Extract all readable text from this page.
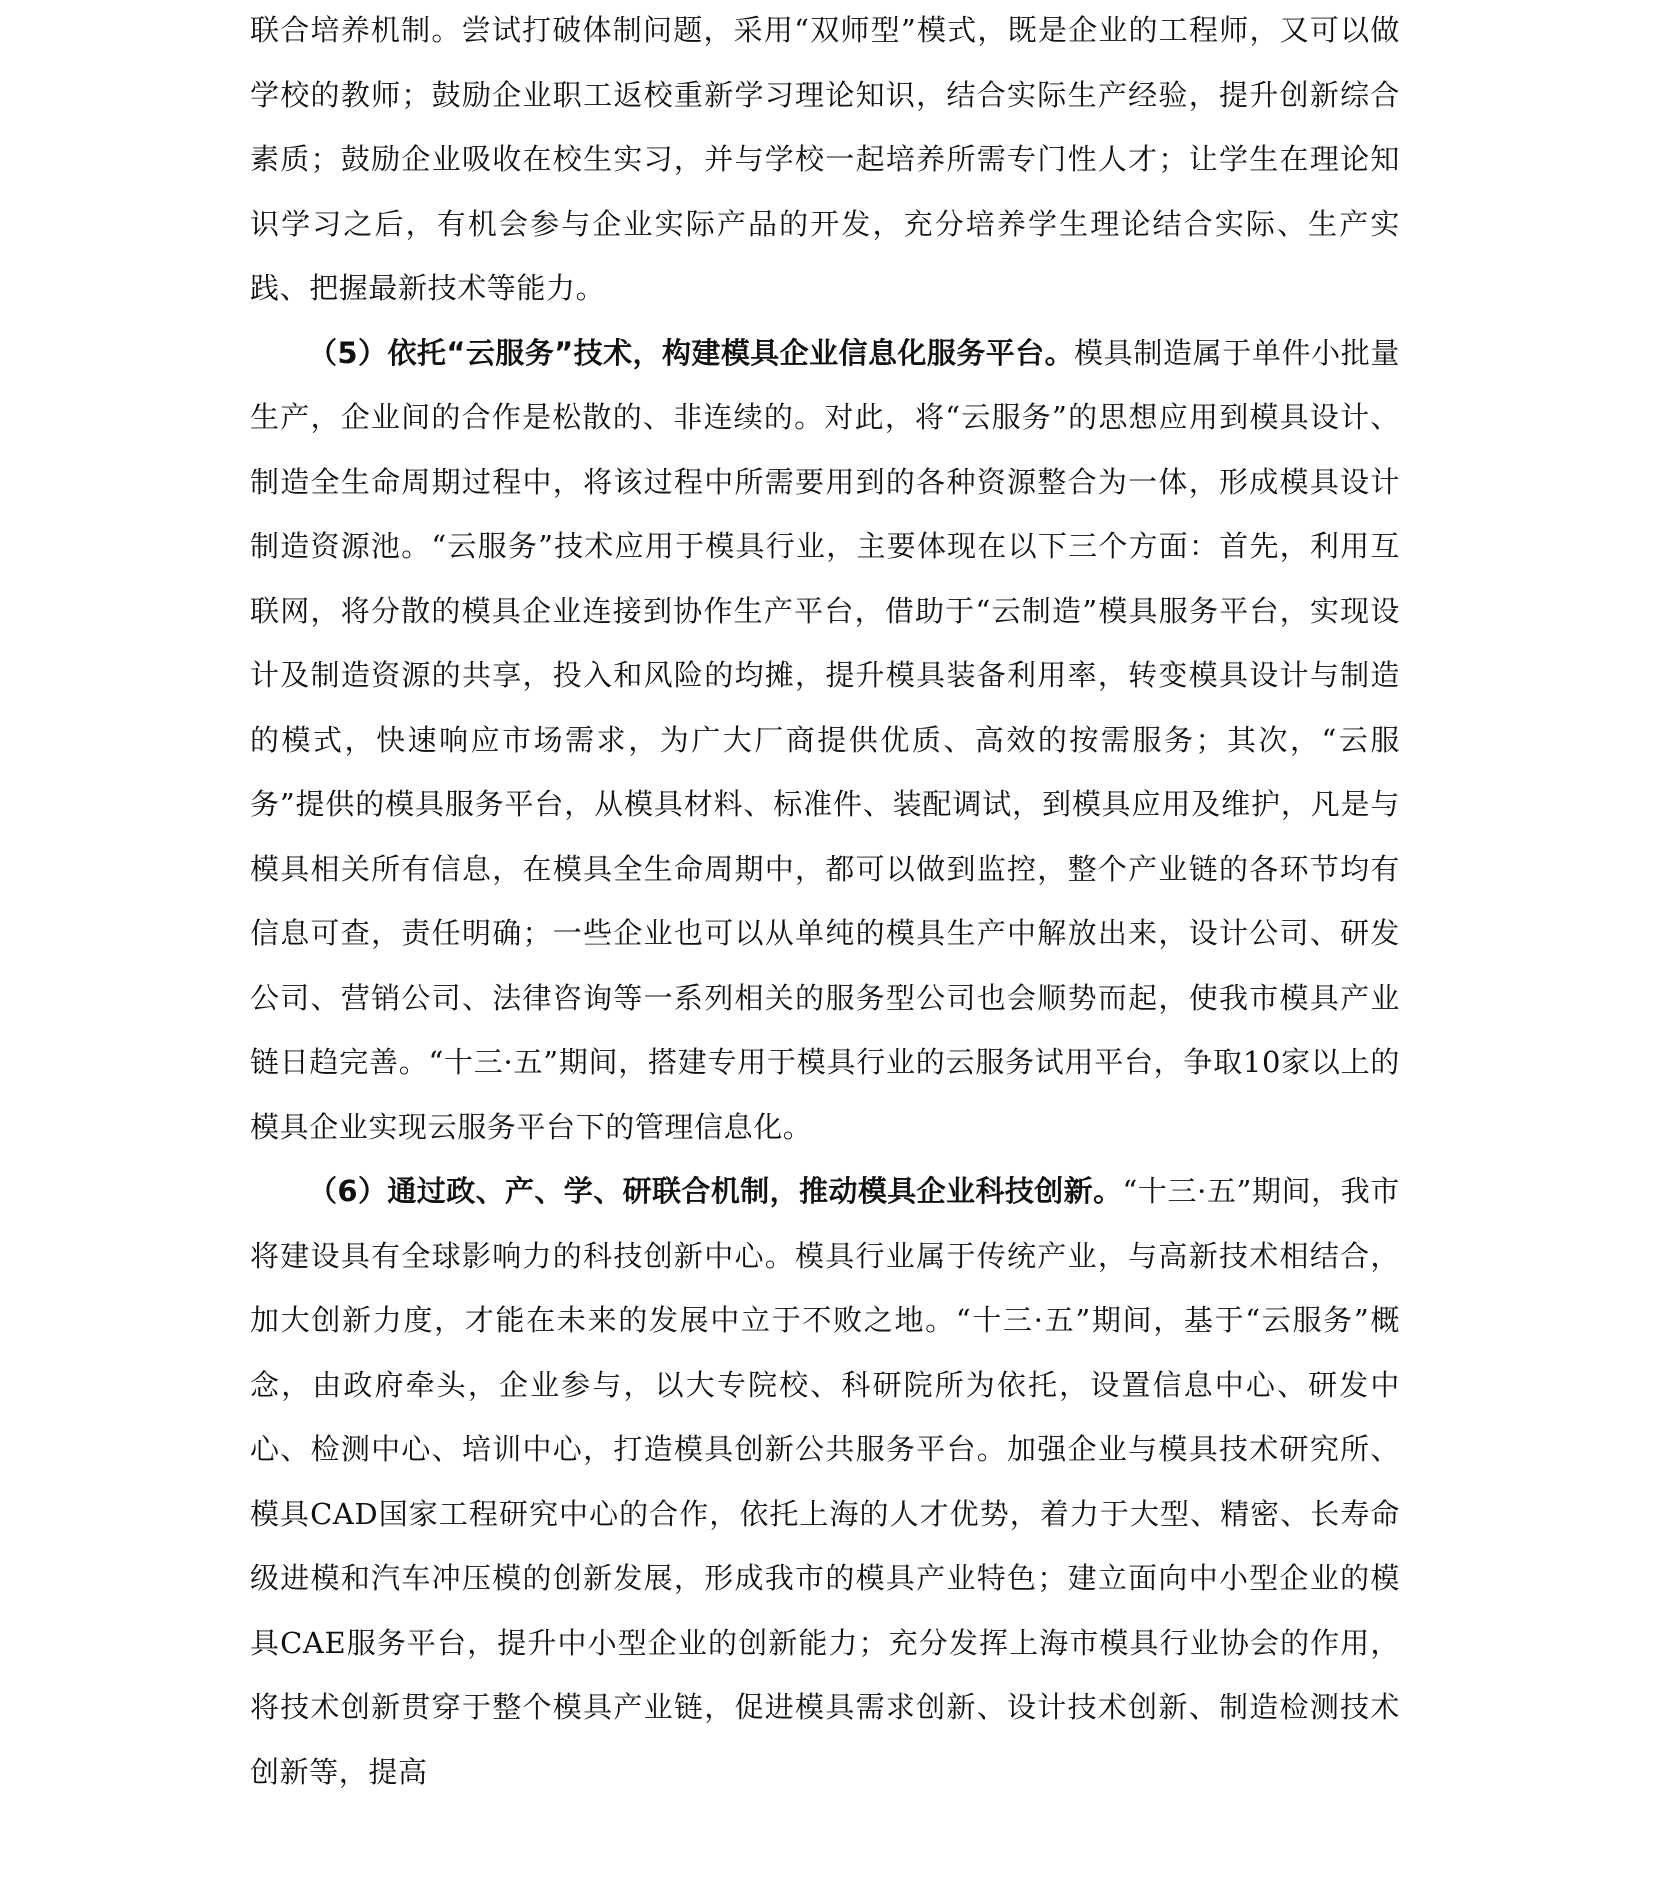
联合培养机制。尝试打破体制问题，采用“双师型”模式，既是企业的工程师，又可以做学校的教师；鼓励企业职工返校重新学习理论知识，结合实际生产经验，提升创新综合素质；鼓励企业吸收在校生实习，并与学校一起培养所需专门性人才；让学生在理论知识学习之后，有机会参与企业实际产品的开发，充分培养学生理论结合实际、生产实践、把握最新技术等能力。

（5）依托“云服务”技术，构建模具企业信息化服务平台。模具制造属于单件小批量生产，企业间的合作是松散的、非连续的。对此，将“云服务”的思想应用到模具设计、制造全生命周期过程中，将该过程中所需要用到的各种资源整合为一体，形成模具设计制造资源池。“云服务”技术应用于模具行业，主要体现在以下三个方面：首先，利用互联网，将分散的模具企业连接到协作生产平台，借助于“云制造”模具服务平台，实现设计及制造资源的共享，投入和风险的均摊，提升模具装备利用率，转变模具设计与制造的模式，快速响应市场需求，为广大厂商提供优质、高效的按需服务；其次，“云服务”提供的模具服务平台，从模具材料、标准件、装配调试，到模具应用及维护，凡是与模具相关所有信息，在模具全生命周期中，都可以做到监控，整个产业链的各环节均有信息可查，责任明确；一些企业也可以从单纯的模具生产中解放出来，设计公司、研发公司、营销公司、法律咨询等一系列相关的服务型公司也会顺势而起，使我市模具产业链日趋完善。“十三·五”期间，搭建专用于模具行业的云服务试用平台，争取10家以上的模具企业实现云服务平台下的管理信息化。

（6）通过政、产、学、研联合机制，推动模具企业科技创新。“十三·五”期间，我市将建设具有全球影响力的科技创新中心。模具行业属于传统产业，与高新技术相结合，加大创新力度，才能在未来的发展中立于不败之地。“十三·五”期间，基于“云服务”概念，由政府牵头，企业参与，以大专院校、科研院所为依托，设置信息中心、研发中心、检测中心、培训中心，打造模具创新公共服务平台。加强企业与模具技术研究所、模具CAD国家工程研究中心的合作，依托上海的人才优势，着力于大型、精密、长寿命级进模和汽车冲压模的创新发展，形成我市的模具产业特色；建立面向中小型企业的模具CAE服务平台，提升中小型企业的创新能力；充分发挥上海市模具行业协会的作用，将技术创新贯穿于整个模具产业链，促进模具需求创新、设计技术创新、制造检测技术创新等，提高
